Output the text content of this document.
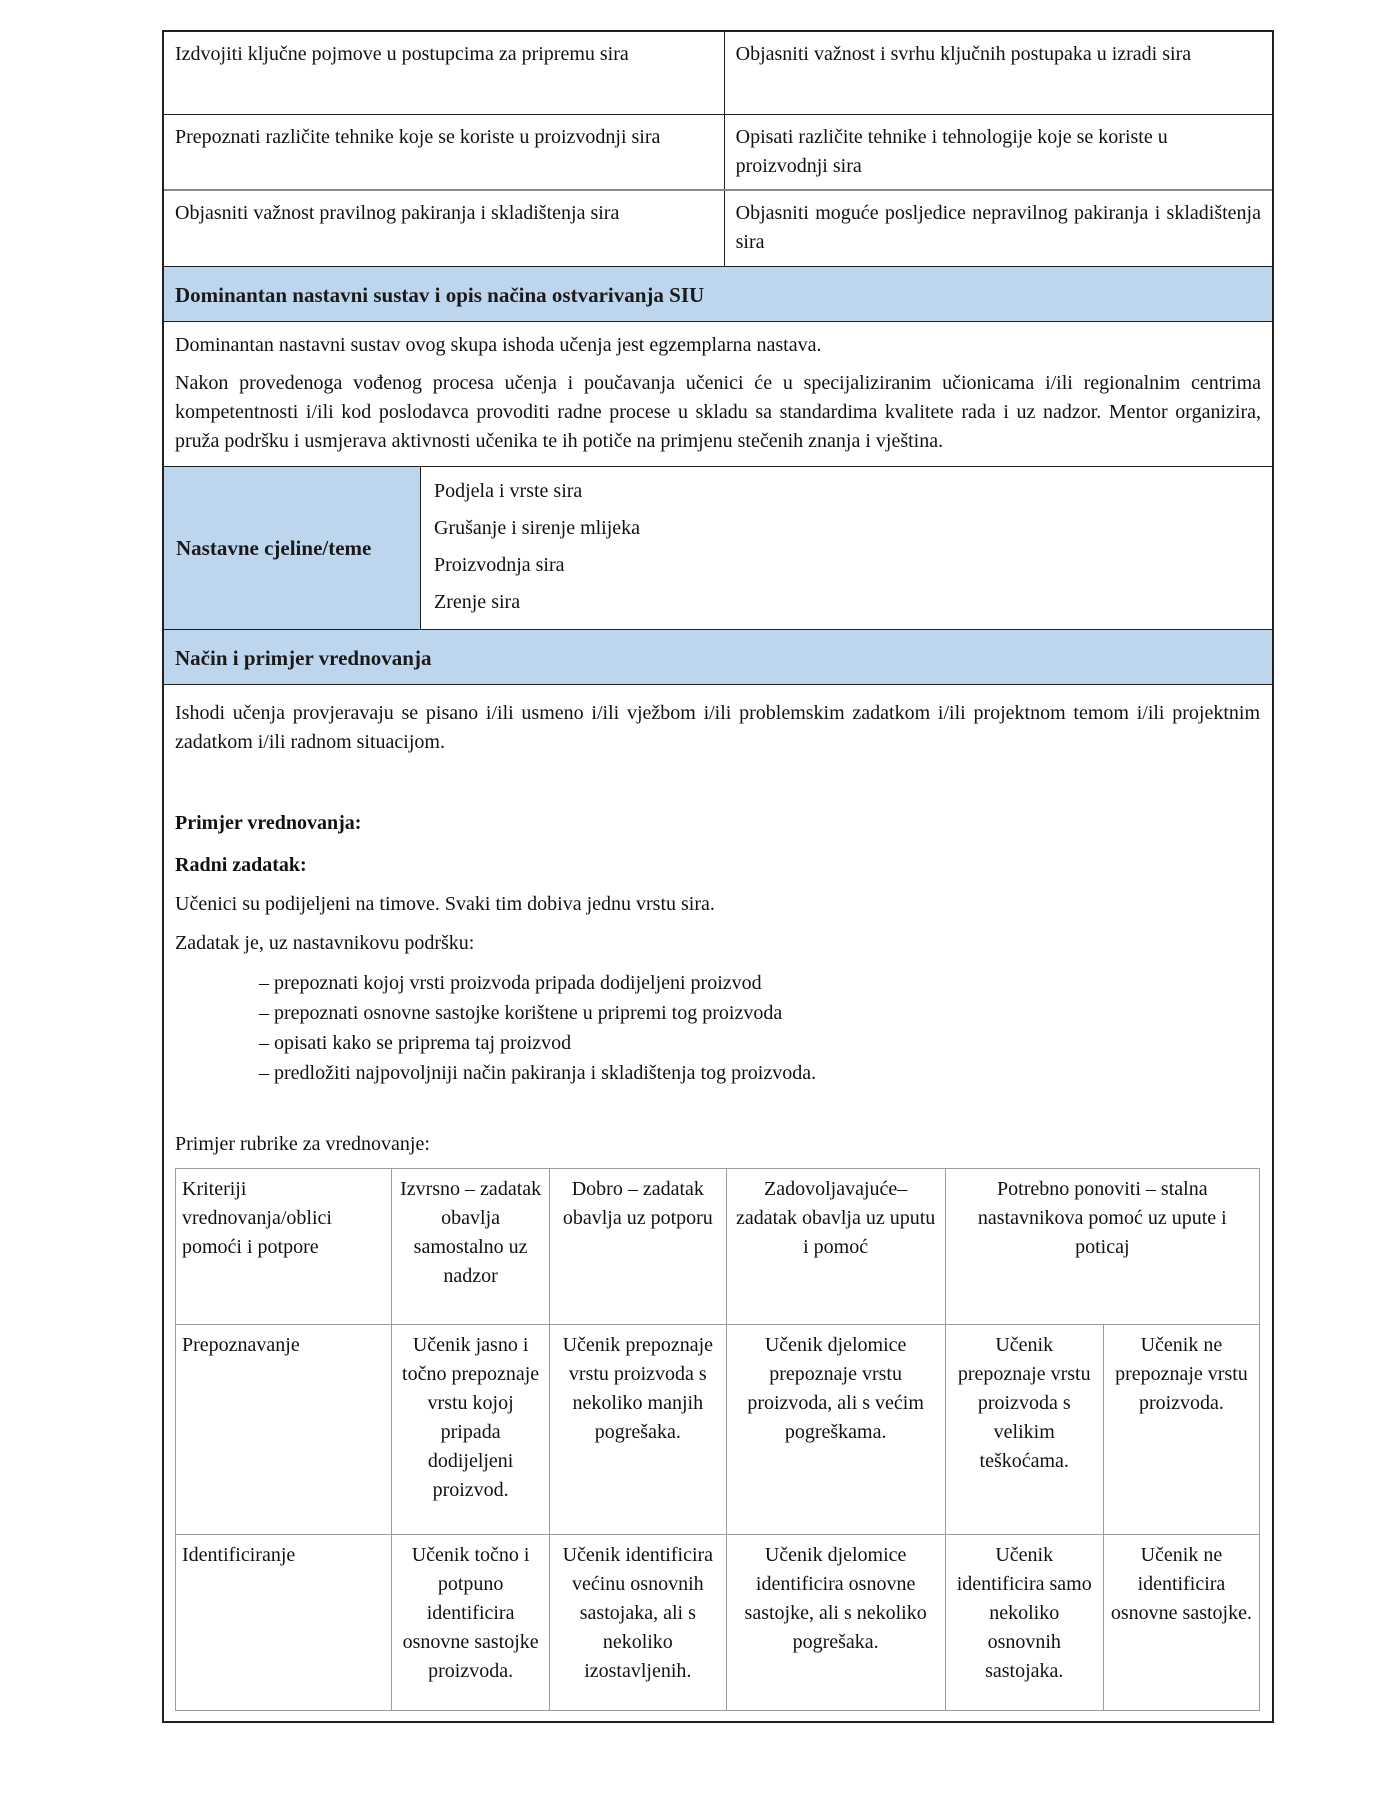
Izdvojiti ključne pojmove u postupcima za pripremu sira	Objasniti važnost i svrhu ključnih postupaka u izradi sira
Prepoznati različite tehnike koje se koriste u proizvodnji sira	Opisati različite tehnike i tehnologije koje se koriste u proizvodnji sira
Objasniti važnost pravilnog pakiranja i skladištenja sira	Objasniti moguće posljedice nepravilnog pakiranja i skladištenja sira
Dominantan nastavni sustav i opis načina ostvarivanja SIU

Dominantan nastavni sustav ovog skupa ishoda učenja jest egzemplarna nastava.

Nakon provedenoga vođenog procesa učenja i poučavanja učenici će u specijaliziranim učionicama i/ili regionalnim centrima kompetentnosti i/ili kod poslodavca provoditi radne procese u skladu sa standardima kvalitete rada i uz nadzor. Mentor organizira, pruža podršku i usmjerava aktivnosti učenika te ih potiče na primjenu stečenih znanja i vještina.

Nastavne cjeline/teme

Podjela i vrste sira

Grušanje i sirenje mlijeka

Proizvodnja sira

Zrenje sira

Način i primjer vrednovanja

Ishodi učenja provjeravaju se pisano i/ili usmeno i/ili vježbom i/ili problemskim zadatkom i/ili projektnom temom i/ili projektnim zadatkom i/ili radnom situacijom.

Primjer vrednovanja:

Radni zadatak:

Učenici su podijeljeni na timove. Svaki tim dobiva jednu vrstu sira.

Zadatak je, uz nastavnikovu podršku:

– prepoznati kojoj vrsti proizvoda pripada dodijeljeni proizvod
– prepoznati osnovne sastojke korištene u pripremi tog proizvoda
– opisati kako se priprema taj proizvod
– predložiti najpovoljniji način pakiranja i skladištenja tog proizvoda.

Primjer rubrike za vrednovanje:

Kriteriji vrednovanja/oblici pomoći i potpore	Izvrsno – zadatak obavlja samostalno uz nadzor	Dobro – zadatak obavlja uz potporu	Zadovoljavajuće– zadatak obavlja uz uputu i pomoć	Potrebno ponoviti – stalna nastavnikova pomoć uz upute i poticaj	
Prepoznavanje	Učenik jasno i točno prepoznaje vrstu kojoj pripada dodijeljeni proizvod.	Učenik prepoznaje vrstu proizvoda s nekoliko manjih pogrešaka.	Učenik djelomice prepoznaje vrstu proizvoda, ali s većim pogreškama.	Učenik prepoznaje vrstu proizvoda s velikim teškoćama.	Učenik ne prepoznaje vrstu proizvoda.
Identificiranje	Učenik točno i potpuno identificira osnovne sastojke proizvoda.	Učenik identificira većinu osnovnih sastojaka, ali s nekoliko izostavljenih.	Učenik djelomice identificira osnovne sastojke, ali s nekoliko pogrešaka.	Učenik identificira samo nekoliko osnovnih sastojaka.	Učenik ne identificira osnovne sastojke.
